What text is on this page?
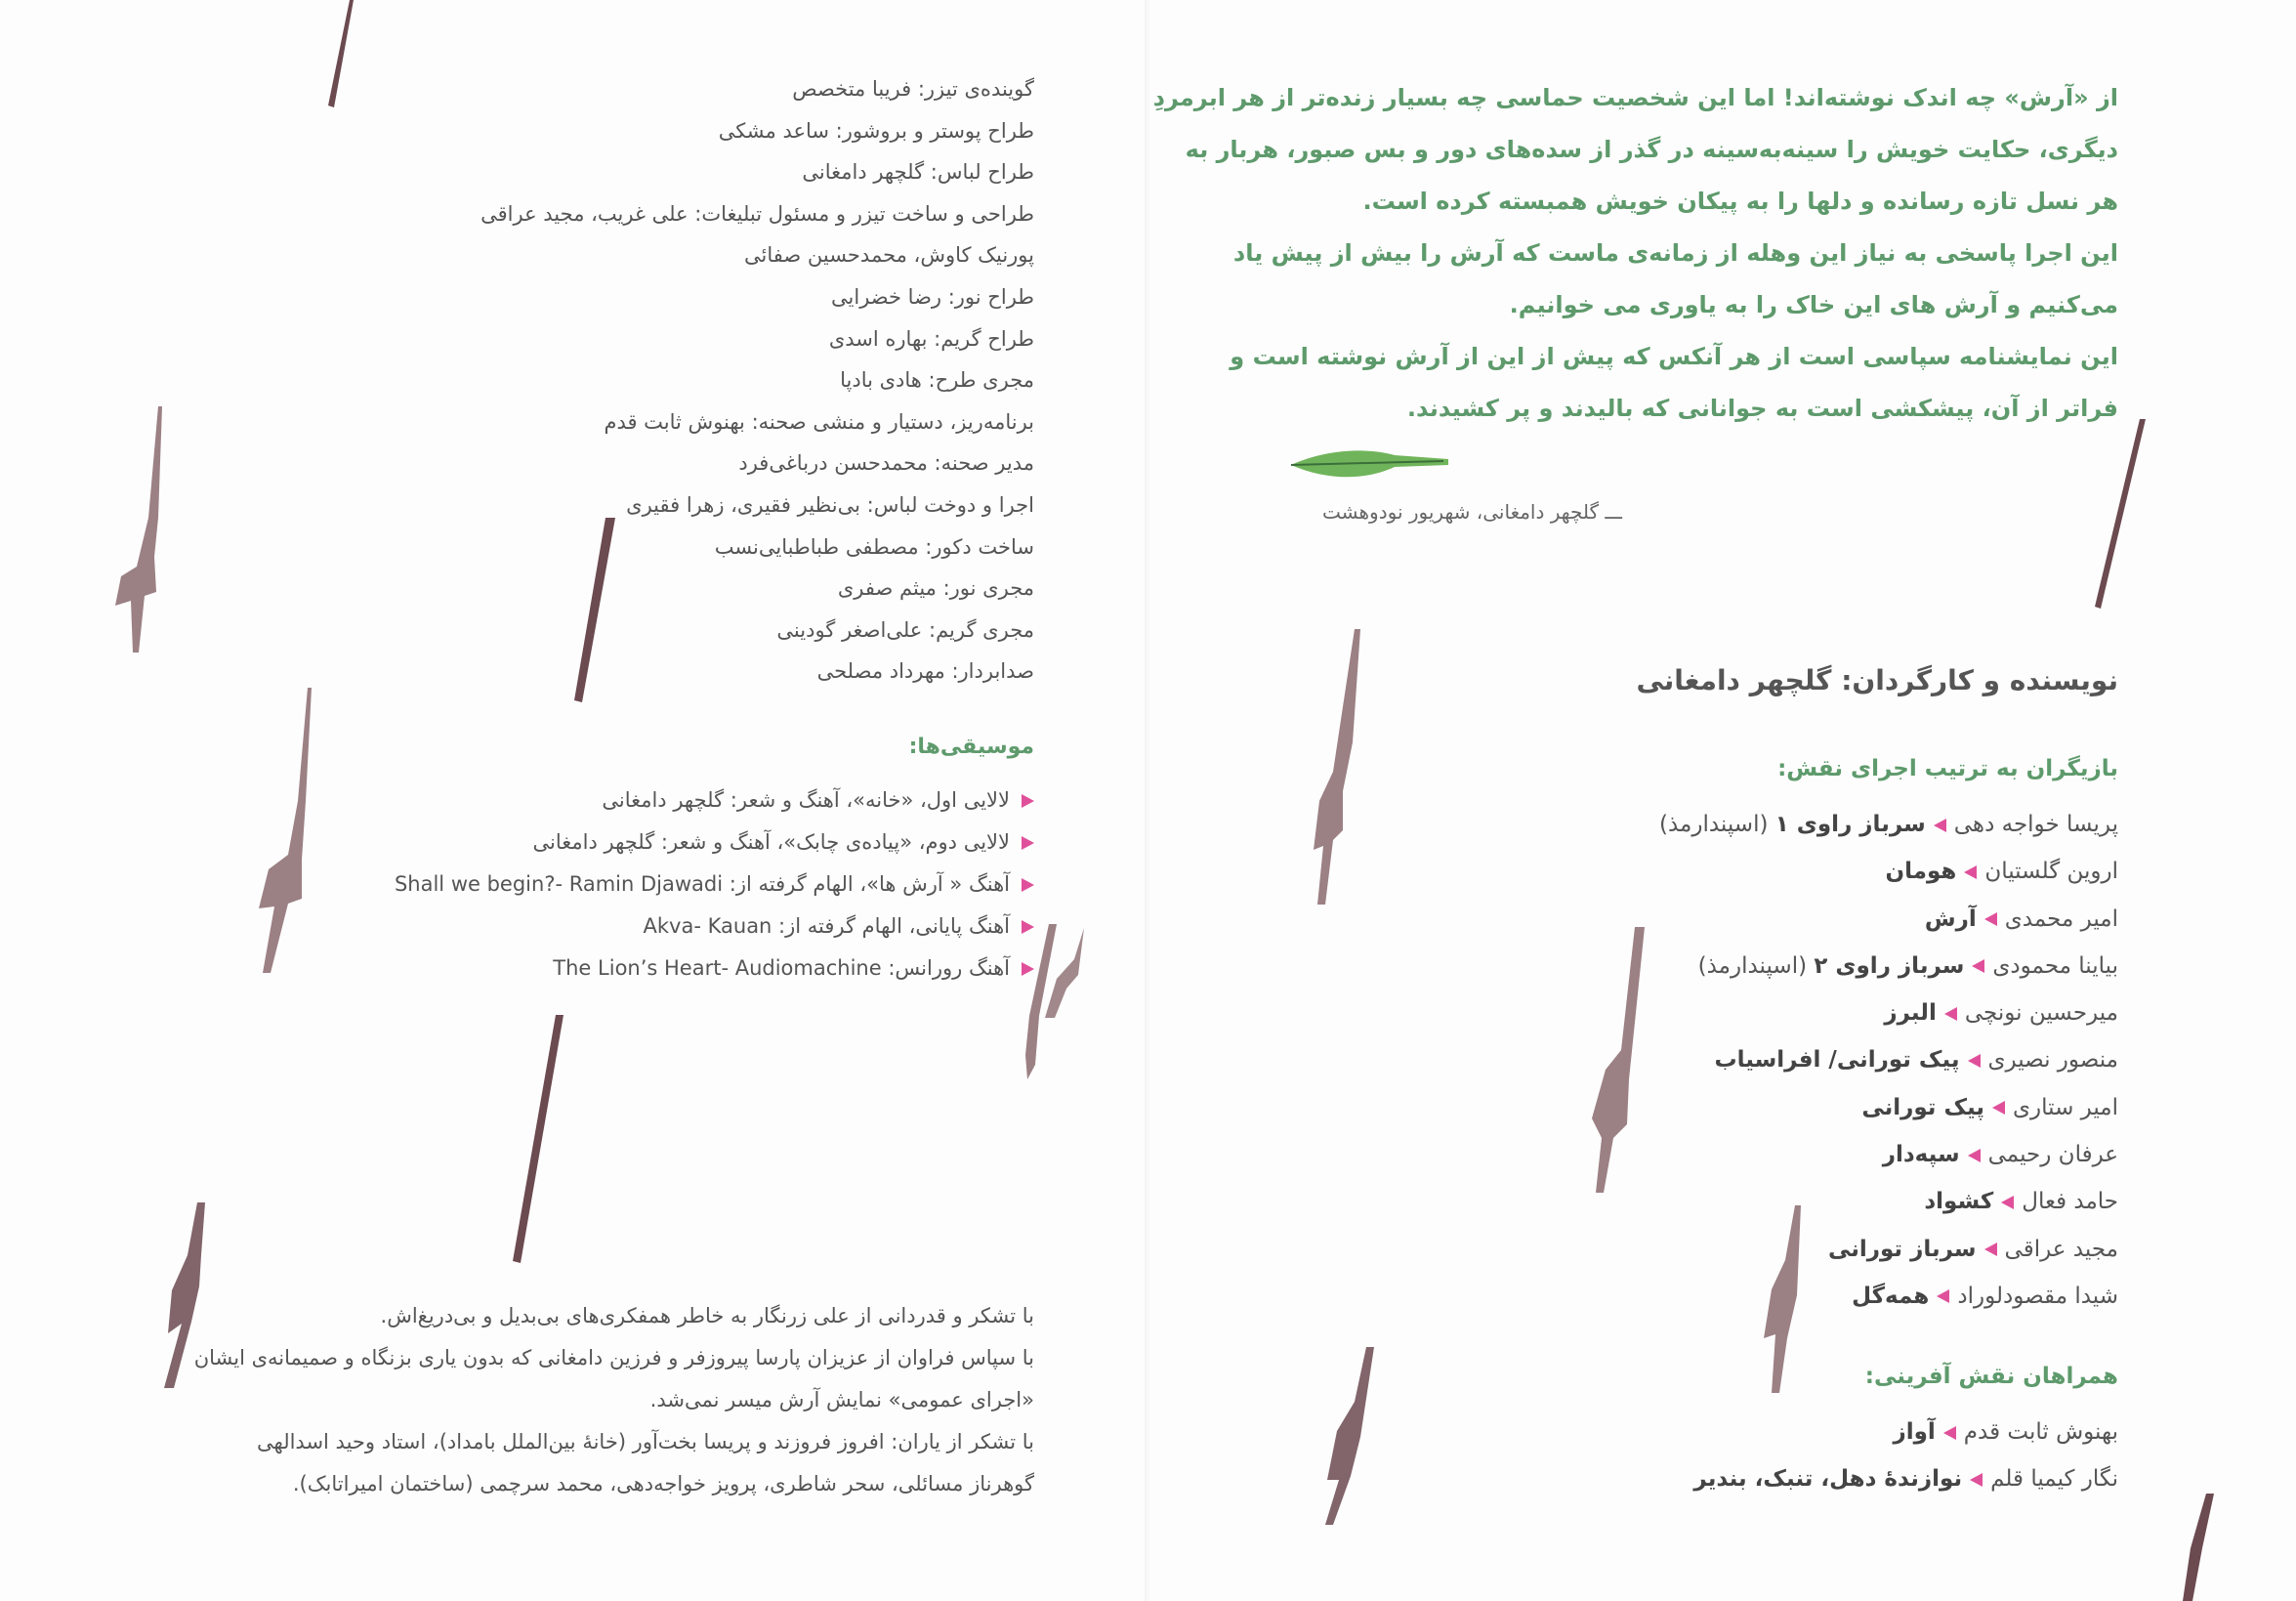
گوینده‌ی تیزر: فریبا متخصص
طراح پوستر و بروشور: ساعد مشکی
طراح لباس: گلچهر دامغانی
طراحی و ساخت تیزر و مسئول تبلیغات: علی غریب، مجید عراقی
پورنیک کاوش، محمدحسین صفائی
طراح نور: رضا خضرایی
طراح گریم: بهاره اسدی
مجری طرح: هادی بادپا
برنامه‌ریز، دستیار و منشی صحنه: بهنوش ثابت قدم
مدیر صحنه: محمدحسن درباغی‌فرد
اجرا و دوخت لباس: بی‌نظیر فقیری، زهرا فقیری
ساخت دکور: مصطفی طباطبایی‌نسب
مجری نور: میثم صفری
مجری گریم: علی‌اصغر گودینی
صدابردار: مهرداد مصلحی
موسیقی‌ها:
لالایی اول، «خانه»، آهنگ و شعر: گلچهر دامغانی
لالایی دوم، «پیاده‌ی چابک»، آهنگ و شعر: گلچهر دامغانی
آهنگ « آرش ها»، الهام گرفته از: Shall we begin?- Ramin Djawadi
آهنگ پایانی، الهام گرفته از: Akva- Kauan
آهنگ رورانس: The Lion’s Heart- Audiomachine
با تشکر و قدردانی از علی زرنگار به خاطر همفکری‌های بی‌بدیل و بی‌دریغ‌اش.
با سپاس فراوان از عزیزان پارسا پیروزفر و فرزین دامغانی که بدون یاری بزنگاه و صمیمانه‌ی ایشان
«اجرای عمومی» نمایش آرش میسر نمی‌شد.
با تشکر از یاران: افروز فروزند و پریسا بخت‌آور (خانهٔ بین‌الملل بامداد)، استاد وحید اسدالهی
گوهرناز مسائلی، سحر شاطری، پرویز خواجه‌دهی، محمد سرچمی (ساختمان امیراتابک).
از «آرش» چه اندک نوشته‌اند! اما این شخصیت حماسی چه بسیار زنده‌تر از هر ابرمردِ
دیگری، حکایت خویش را سینه‌به‌سینه در گذر از سده‌های دور و بس صبور، هربار به
هر نسل تازه رسانده و دلها را به پیکان خویش همبسته کرده است.
این اجرا پاسخی به نیاز این وهله از زمانه‌ی ماست که آرش را بیش از پیش یاد
می‌کنیم و آرش های این خاک را به یاوری می خوانیم.
این نمایشنامه سپاسی است از هر آنکس که پیش از این از آرش نوشته است و
فراتر از آن، پیشکشی است به جوانانی که بالیدند و پر کشیدند.
ـــ گلچهر دامغانی، شهریور نودوهشت
نویسنده و کارگردان: گلچهر دامغانی
بازیگران به ترتیب اجرای نقش:
پریسا خواجه دهیسرباز راوی ۱ (اسپندارمذ)
اروین گلستیانهومان
امیر محمدیآرش
بیاینا محمودیسرباز راوی ۲ (اسپندارمذ)
میرحسین نونچیالبرز
منصور نصیریپیک تورانی/ افراسیاب
امیر ستاریپیک تورانی
عرفان رحیمیسپه‌دار
حامد فعالکشواد
مجید عراقیسرباز تورانی
شیدا مقصودلورادهمه‌گل
همراهان نقش آفرینی:
بهنوش ثابت قدمآواز
نگار کیمیا قلمنوازندهٔ دهل، تنبک، بندیر
